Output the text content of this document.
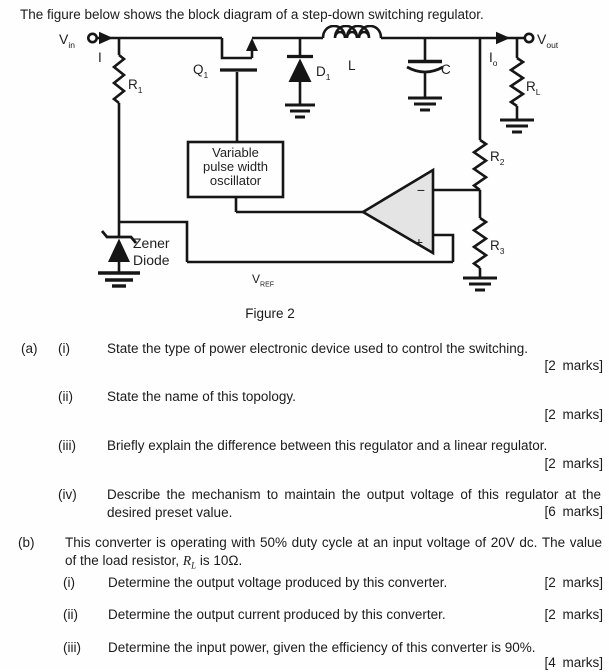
The figure below shows the block diagram of a step-down switching regulator.
Variable
pulse width
oscillator
$V_{in}$
I
$R_1$
$Q_1$	$D_1$
L	C
$I_o$
$R_L$
$V_{out}$
$R_2$
$R_3$
$V_{REF}$
Zener
Diode
−
+
Figure 2
(a) (i)	State the type of power electronic device used to control the switching.
[2 marks]
(ii)	State the name of this topology.
[2 marks]
(iii) Briefly explain the difference between this regulator and a linear regulator.
[2 marks]
(iv) Describe the mechanism to maintain the output voltage of this regulator at the desired preset value.	[6 marks]
(b) This converter is operating with 50% duty cycle at an input voltage of 20V dc. The value of the load resistor, $R_L$ is 10Ω.
(i) Determine the output voltage produced by this converter.	[2 marks]
(ii) Determine the output current produced by this converter.	[2 marks]
(iii) Determine the input power, given the efficiency of this converter is 90%.
[4 marks]
